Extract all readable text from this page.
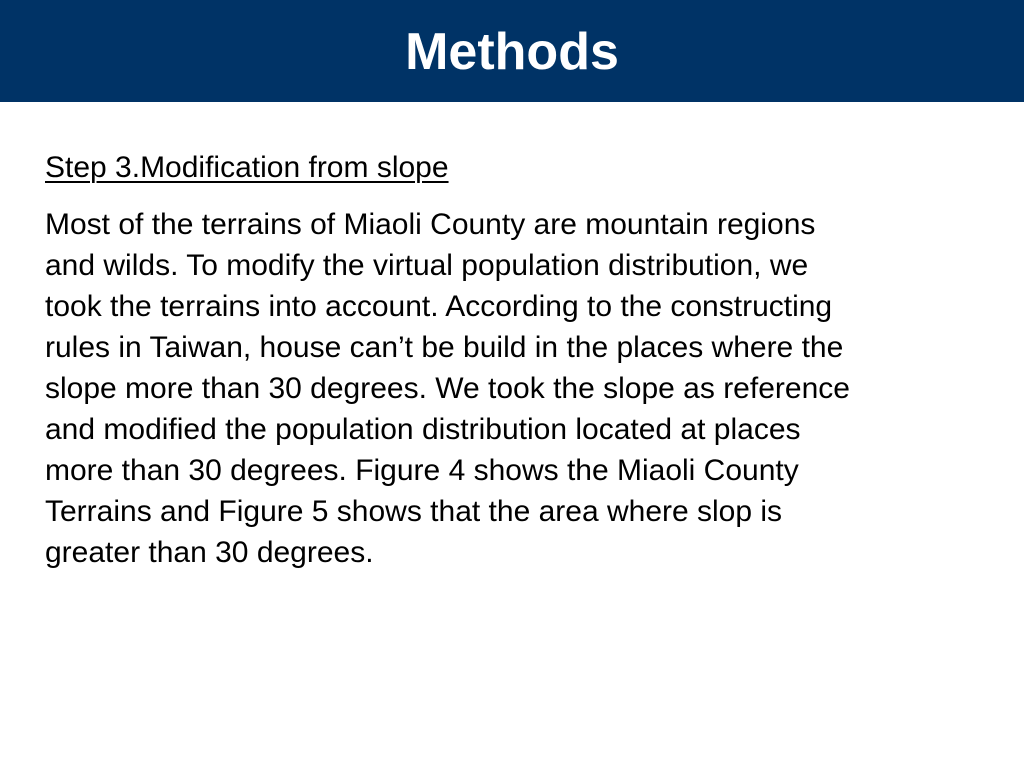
Methods

Step 3.Modification from slope

Most of the terrains of Miaoli County are mountain regions
and wilds. To modify the virtual population distribution, we
took the terrains into account. According to the constructing
rules in Taiwan, house can’t be build in the places where the
slope more than 30 degrees. We took the slope as reference
and modified the population distribution located at places
more than 30 degrees. Figure 4 shows the Miaoli County
Terrains and Figure 5 shows that the area where slop is
greater than 30 degrees.
